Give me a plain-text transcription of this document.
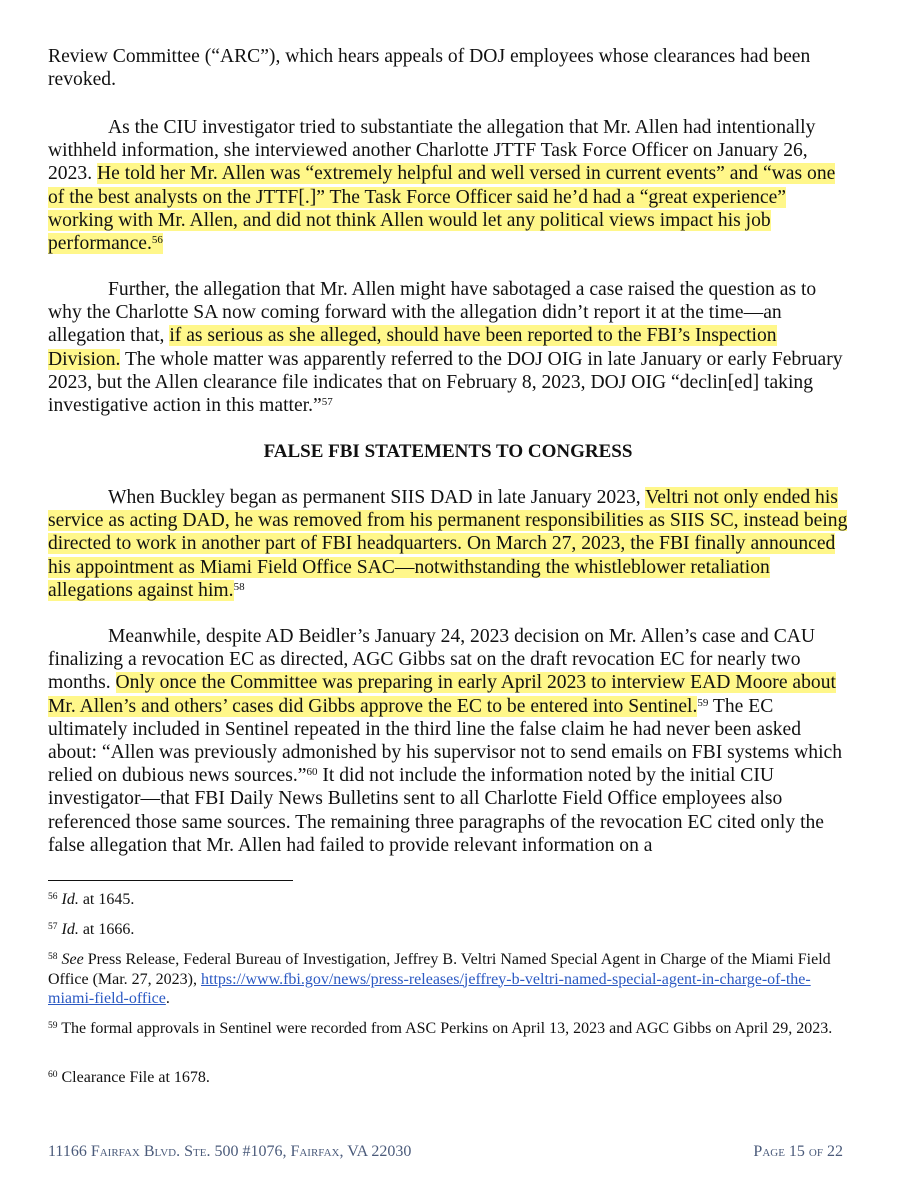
Review Committee (“ARC”), which hears appeals of DOJ employees whose clearances had been revoked.

As the CIU investigator tried to substantiate the allegation that Mr. Allen had intentionally withheld information, she interviewed another Charlotte JTTF Task Force Officer on January 26, 2023. He told her Mr. Allen was “extremely helpful and well versed in current events” and “was one of the best analysts on the JTTF[.]” The Task Force Officer said he’d had a “great experience” working with Mr. Allen, and did not think Allen would let any political views impact his job performance.$^{56}$

Further, the allegation that Mr. Allen might have sabotaged a case raised the question as to why the Charlotte SA now coming forward with the allegation didn’t report it at the time—an allegation that, if as serious as she alleged, should have been reported to the FBI’s Inspection Division. The whole matter was apparently referred to the DOJ OIG in late January or early February 2023, but the Allen clearance file indicates that on February 8, 2023, DOJ OIG “declin[ed] taking investigative action in this matter.”$^{57}$

FALSE FBI STATEMENTS TO CONGRESS

When Buckley began as permanent SIIS DAD in late January 2023, Veltri not only ended his service as acting DAD, he was removed from his permanent responsibilities as SIIS SC, instead being directed to work in another part of FBI headquarters. On March 27, 2023, the FBI finally announced his appointment as Miami Field Office SAC—notwithstanding the whistleblower retaliation allegations against him.$^{58}$

Meanwhile, despite AD Beidler’s January 24, 2023 decision on Mr. Allen’s case and CAU finalizing a revocation EC as directed, AGC Gibbs sat on the draft revocation EC for nearly two months. Only once the Committee was preparing in early April 2023 to interview EAD Moore about Mr. Allen’s and others’ cases did Gibbs approve the EC to be entered into Sentinel.$^{59}$ The EC ultimately included in Sentinel repeated in the third line the false claim he had never been asked about: “Allen was previously admonished by his supervisor not to send emails on FBI systems which relied on dubious news sources.”$^{60}$ It did not include the information noted by the initial CIU investigator—that FBI Daily News Bulletins sent to all Charlotte Field Office employees also referenced those same sources. The remaining three paragraphs of the revocation EC cited only the false allegation that Mr. Allen had failed to provide relevant information on a

$^{56}$ Id. at 1645.
$^{57}$ Id. at 1666.
$^{58}$ See Press Release, Federal Bureau of Investigation, Jeffrey B. Veltri Named Special Agent in Charge of the Miami Field Office (Mar. 27, 2023), https://www.fbi.gov/news/press-releases/jeffrey-b-veltri-named-special-agent-in-charge-of-the-miami-field-office.
$^{59}$ The formal approvals in Sentinel were recorded from ASC Perkins on April 13, 2023 and AGC Gibbs on April 29, 2023.
$^{60}$ Clearance File at 1678.
11166 Fairfax Blvd. Ste. 500 #1076, Fairfax, VA 22030	Page 15 of 22
